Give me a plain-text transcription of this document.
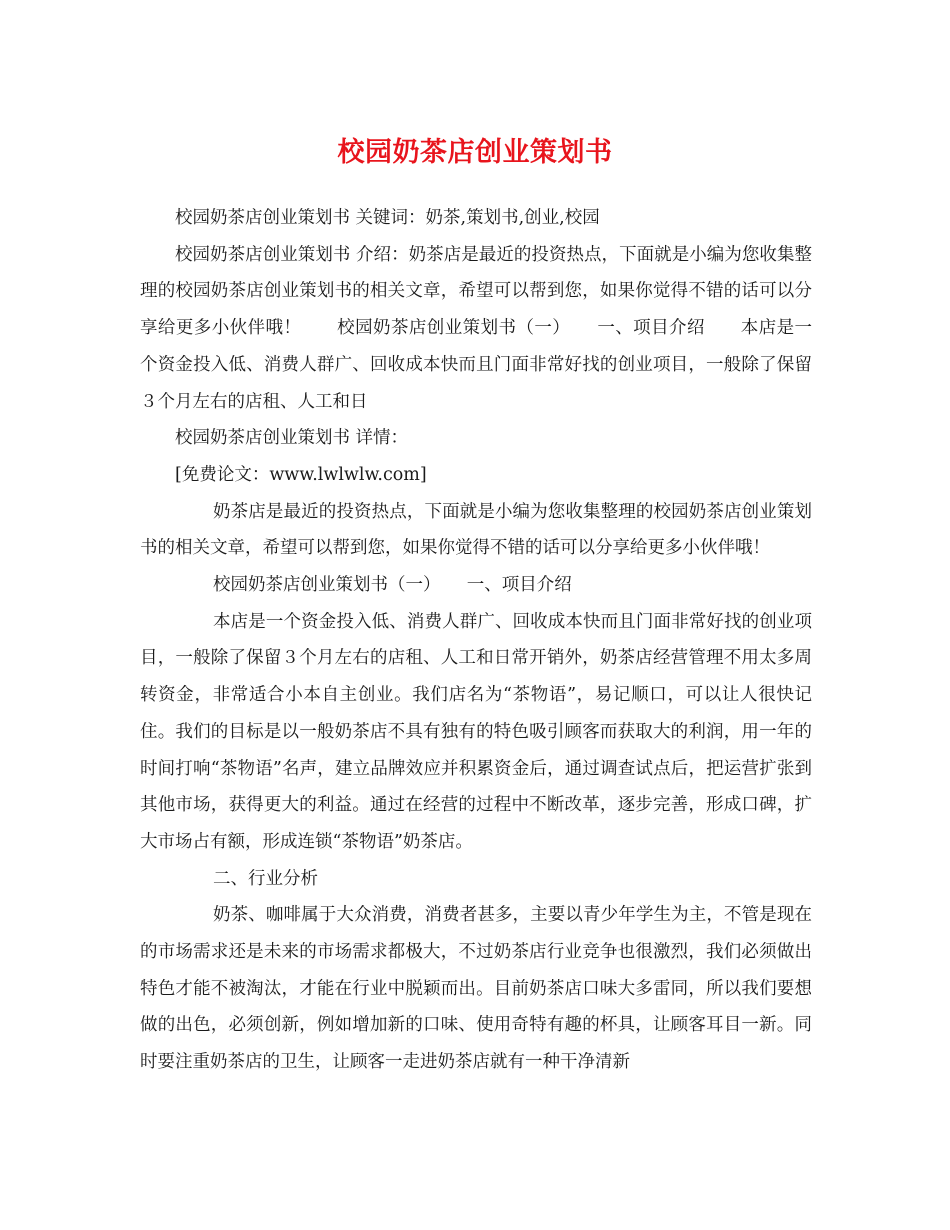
校园奶茶店创业策划书

校园奶茶店创业策划书 关键词：奶茶,策划书,创业,校园

校园奶茶店创业策划书 介绍：奶茶店是最近的投资热点，下面就是小编为您收集整理的校园奶茶店创业策划书的相关文章，希望可以帮到您，如果你觉得不错的话可以分享给更多小伙伴哦！　　校园奶茶店创业策划书（一）　　一、项目介绍　　本店是一个资金投入低、消费人群广、回收成本快而且门面非常好找的创业项目，一般除了保留３个月左右的店租、人工和日

校园奶茶店创业策划书 详情：

[免费论文：www.lwlwlw.com]

奶茶店是最近的投资热点，下面就是小编为您收集整理的校园奶茶店创业策划书的相关文章，希望可以帮到您，如果你觉得不错的话可以分享给更多小伙伴哦！

校园奶茶店创业策划书（一）　　一、项目介绍

本店是一个资金投入低、消费人群广、回收成本快而且门面非常好找的创业项目，一般除了保留３个月左右的店租、人工和日常开销外，奶茶店经营管理不用太多周转资金，非常适合小本自主创业。我们店名为“茶物语”，易记顺口，可以让人很快记住。我们的目标是以一般奶茶店不具有独有的特色吸引顾客而获取大的利润，用一年的时间打响“茶物语”名声，建立品牌效应并积累资金后，通过调查试点后，把运营扩张到其他市场，获得更大的利益。通过在经营的过程中不断改革，逐步完善，形成口碑，扩大市场占有额，形成连锁“茶物语”奶茶店。

二、行业分析

奶茶、咖啡属于大众消费，消费者甚多，主要以青少年学生为主，不管是现在的市场需求还是未来的市场需求都极大，不过奶茶店行业竞争也很激烈，我们必须做出特色才能不被淘汰，才能在行业中脱颖而出。目前奶茶店口味大多雷同，所以我们要想做的出色，必须创新，例如增加新的口味、使用奇特有趣的杯具，让顾客耳目一新。同时要注重奶茶店的卫生，让顾客一走进奶茶店就有一种干净清新
